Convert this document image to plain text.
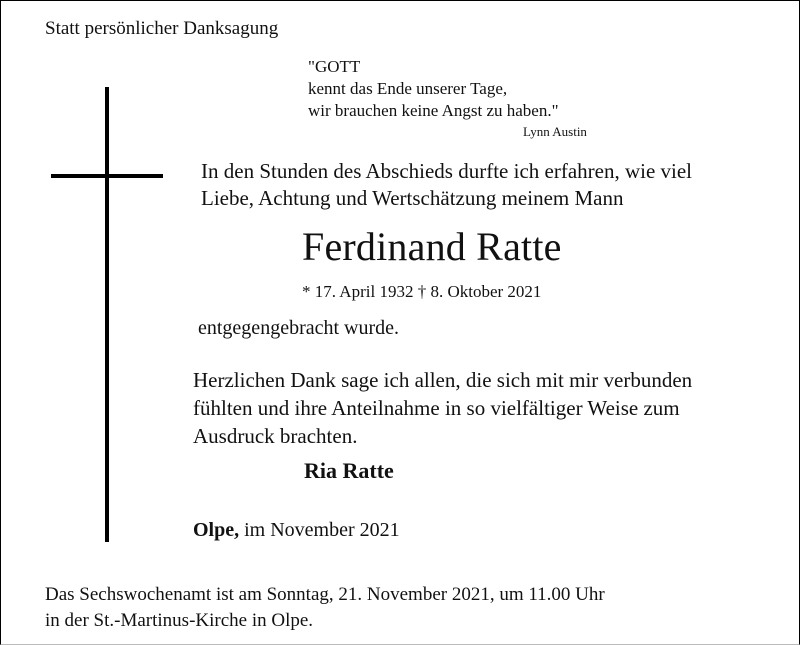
Statt persönlicher Danksagung
"GOTT
kennt das Ende unserer Tage,
wir brauchen keine Angst zu haben."
Lynn Austin
In den Stunden des Abschieds durfte ich erfahren, wie viel
Liebe, Achtung und Wertschätzung meinem Mann
Ferdinand Ratte
* 17. April 1932 † 8. Oktober 2021
entgegengebracht wurde.
Herzlichen Dank sage ich allen, die sich mit mir verbunden
fühlten und ihre Anteilnahme in so vielfältiger Weise zum
Ausdruck brachten.
Ria Ratte
Olpe, im November 2021
Das Sechswochenamt ist am Sonntag, 21. November 2021, um 11.00 Uhr
in der St.-Martinus-Kirche in Olpe.
